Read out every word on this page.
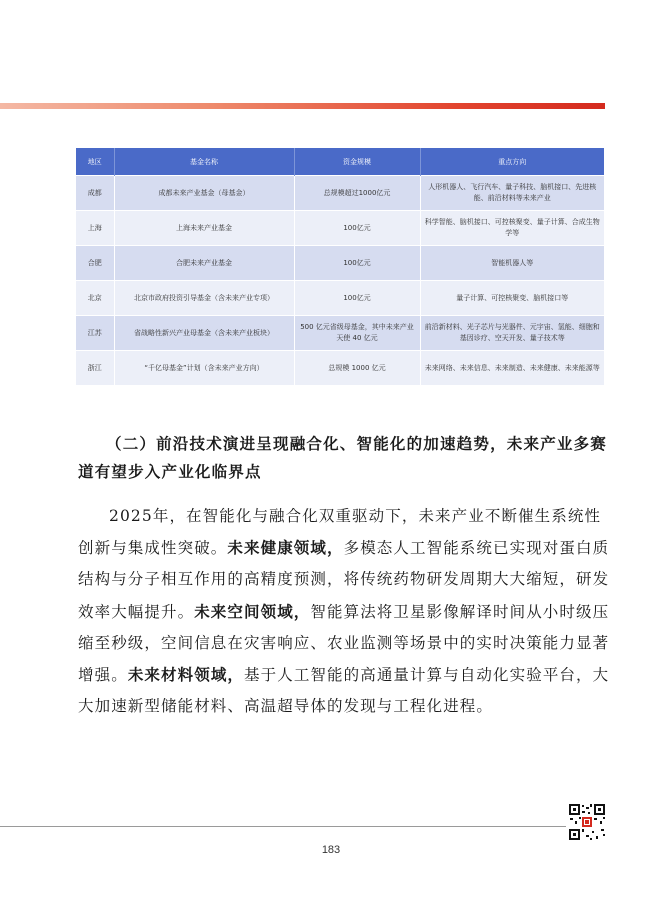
地区	基金名称	资金规模	重点方向
成都	成都未来产业基金（母基金）	总规模超过1000亿元	人形机器人、飞行汽车、量子科技、脑机接口、先进核能、前沿材料等未来产业
上海	上海未来产业基金	100亿元	科学智能、脑机接口、可控核聚变、量子计算、合成生物学等
合肥	合肥未来产业基金	100亿元	智能机器人等
北京	北京市政府投资引导基金（含未来产业专项）	100亿元	量子计算、可控核聚变、脑机接口等
江苏	省战略性新兴产业母基金（含未来产业板块）	500 亿元省级母基金，其中未来产业天使 40 亿元	前沿新材料、光子芯片与光器件、元宇宙、氢能、细胞和基因诊疗、空天开发、量子技术等
浙江	“千亿母基金”计划（含未来产业方向）	总规模 1000 亿元	未来网络、未来信息、未来制造、未来健康、未来能源等
（二）前沿技术演进呈现融合化、智能化的加速趋势，未来产业多赛道有望步入产业化临界点

2025年，在智能化与融合化双重驱动下，未来产业不断催生系统性创新与集成性突破。未来健康领域，多模态人工智能系统已实现对蛋白质结构与分子相互作用的高精度预测，将传统药物研发周期大大缩短，研发效率大幅提升。未来空间领域，智能算法将卫星影像解译时间从小时级压缩至秒级，空间信息在灾害响应、农业监测等场景中的实时决策能力显著增强。未来材料领域，基于人工智能的高通量计算与自动化实验平台，大大加速新型储能材料、高温超导体的发现与工程化进程。

183
